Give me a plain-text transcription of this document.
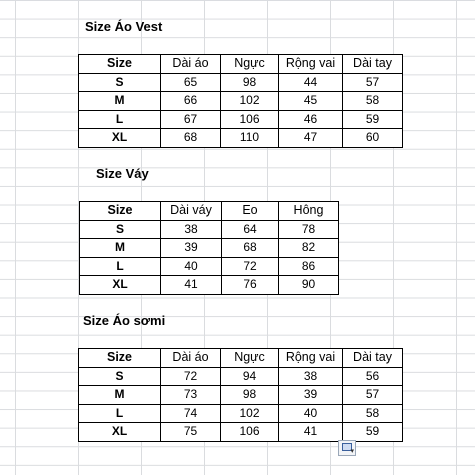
Size Áo Vest
Size	Dài áo	Ngực	Rộng vai	Dài tay
S	65	98	44	57
M	66	102	45	58
L	67	106	46	59
XL	68	110	47	60
Size Váy
Size	Dài váy	Eo	Hông
S	38	64	78
M	39	68	82
L	40	72	86
XL	41	76	90
Size Áo sơmi
Size	Dài áo	Ngực	Rộng vai	Dài tay
S	72	94	38	56
M	73	98	39	57
L	74	102	40	58
XL	75	106	41	59
▾
